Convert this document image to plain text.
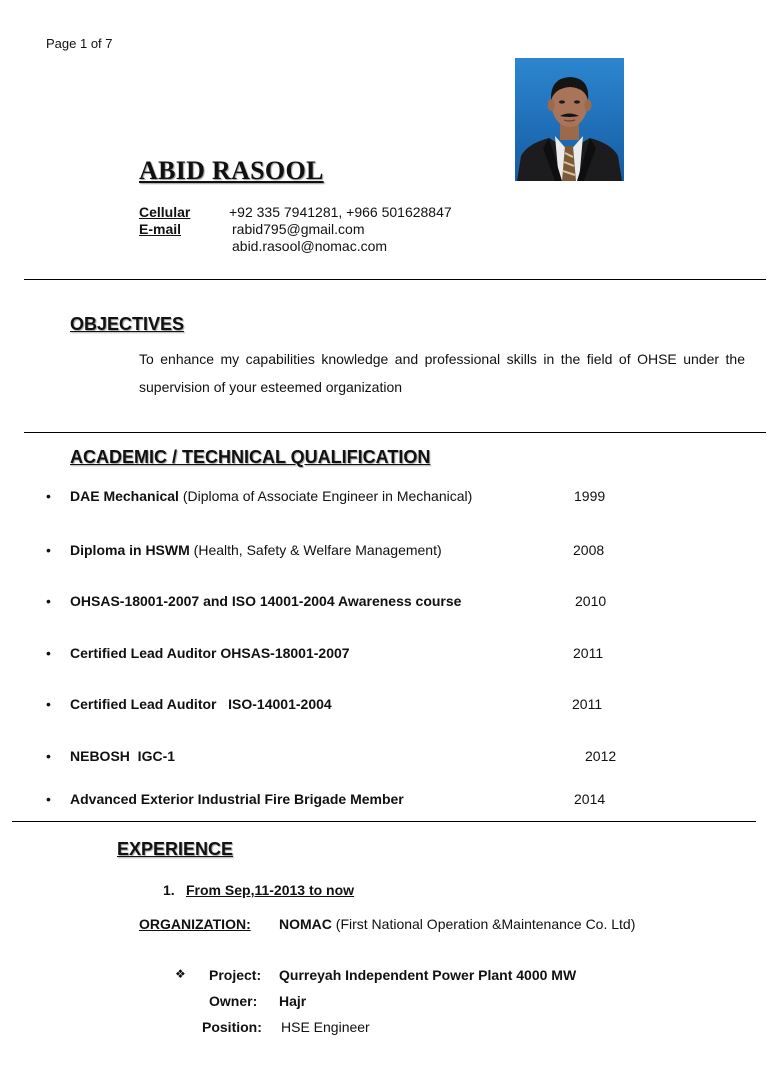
Page 1 of 7
ABID RASOOL
Cellular	+92 335 7941281, +966 501628847
E-mail	rabid795@gmail.com
abid.rasool@nomac.com
OBJECTIVES
To enhance my capabilities knowledge and professional skills in the field of OHSE under the supervision of your esteemed organization
ACADEMIC / TECHNICAL QUALIFICATION
• DAE Mechanical (Diploma of Associate Engineer in Mechanical)	1999
• Diploma in HSWM (Health, Safety & Welfare Management)	2008
• OHSAS-18001-2007 and ISO 14001-2004 Awareness course	2010
• Certified Lead Auditor OHSAS-18001-2007	2011
• Certified Lead Auditor   ISO-14001-2004	2011
• NEBOSH  IGC-1	2012
• Advanced Exterior Industrial Fire Brigade Member	2014
EXPERIENCE
1. From Sep,11-2013 to now
ORGANIZATION: NOMAC (First National Operation &Maintenance Co. Ltd)
❖ Project: Qurreyah Independent Power Plant 4000 MW
Owner: Hajr
Position: HSE Engineer
